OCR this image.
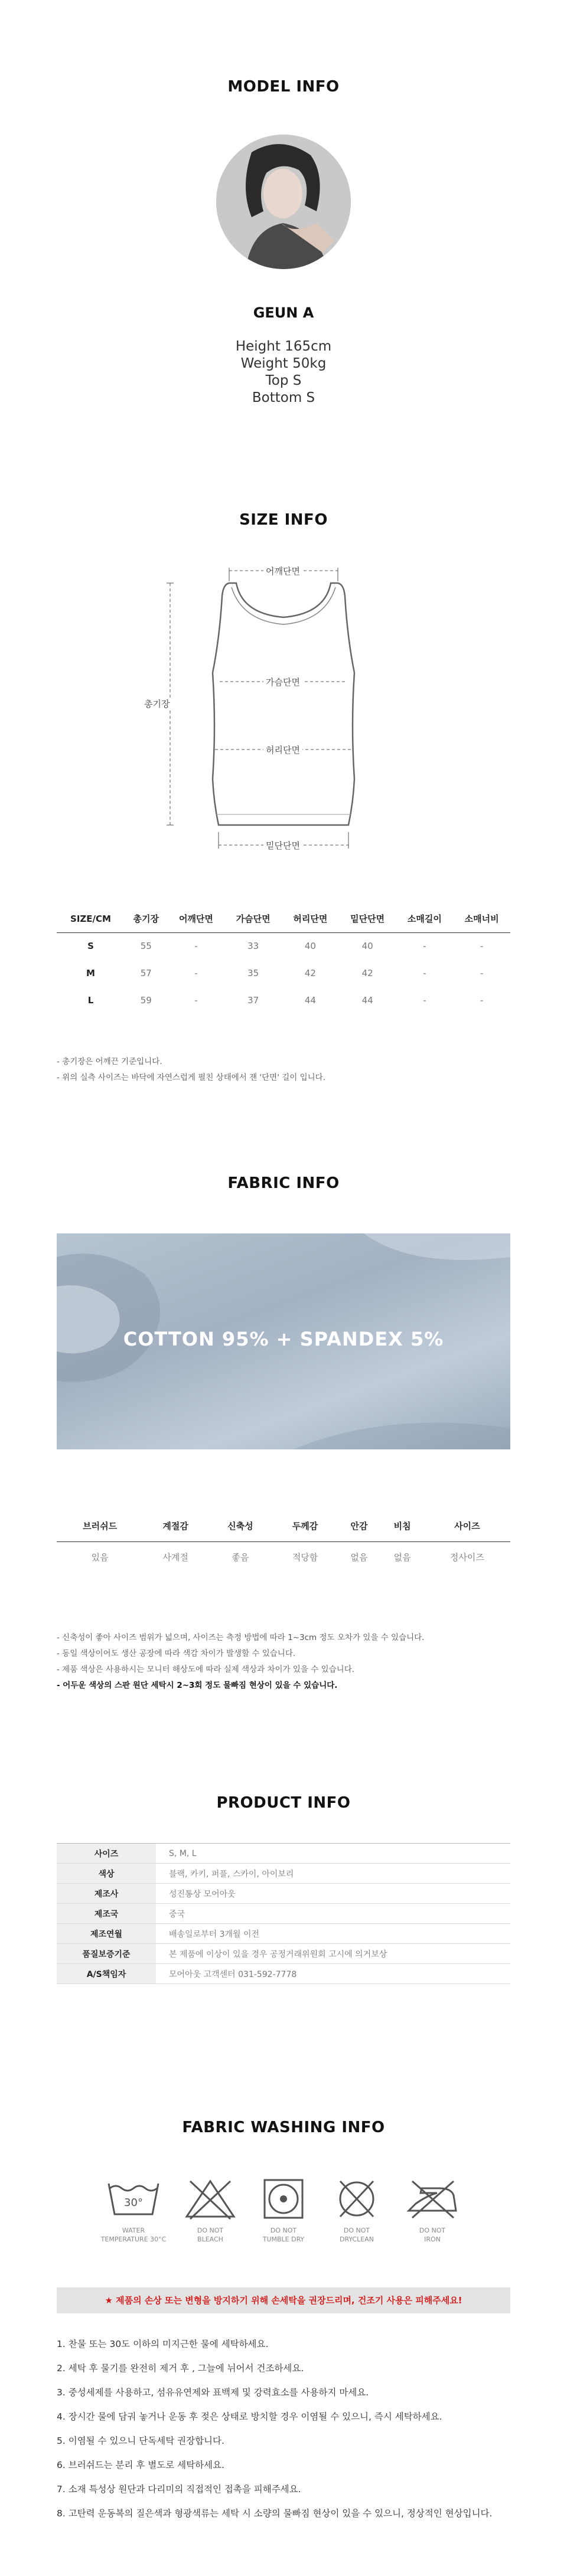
MODEL INFO
GEUN A
Height 165cm
Weight 50kg
Top S
Bottom S
SIZE INFO
어깨단면
가슴단면
허리단면
밑단단면
총기장
SIZE/CM	총기장	어깨단면	가슴단면	허리단면	밑단단면	소매길이	소매너비
S	55	-	33	40	40	-	-
M	57	-	35	42	42	-	-
L	59	-	37	44	44	-	-
- 총기장은 어깨끈 기준입니다.
- 위의 실측 사이즈는 바닥에 자연스럽게 펼친 상태에서 잰 '단면' 길이 입니다.
FABRIC INFO
COTTON 95% + SPANDEX 5%
브러쉬드	계절감	신축성	두께감	안감	비침	사이즈
있음	사계절	좋음	적당함	없음	없음	정사이즈
- 신축성이 좋아 사이즈 범위가 넓으며, 사이즈는 측정 방법에 따라 1~3cm 정도 오차가 있을 수 있습니다.
- 동일 색상이어도 생산 공장에 따라 색감 차이가 발생할 수 있습니다.
- 제품 색상은 사용하시는 모니터 해상도에 따라 실제 색상과 차이가 있을 수 있습니다.
- 어두운 색상의 스판 원단 세탁시 2~3회 정도 물빠짐 현상이 있을 수 있습니다.
PRODUCT INFO
사이즈	S, M, L
색상	블랙, 카키, 퍼플, 스카이, 아이보리
제조사	성진통상 모어아웃
제조국	중국
제조연월	배송일로부터 3개월 이전
품질보증기준	본 제품에 이상이 있을 경우 공정거래위원회 고시에 의거보상
A/S책임자	모어아웃 고객센터 031-592-7778
FABRIC WASHING INFO
30°
WATER
TEMPERATURE 30°C
DO NOT
BLEACH
DO NOT
TUMBLE DRY
DO NOT
DRYCLEAN
DO NOT
IRON
★ 제품의 손상 또는 변형을 방지하기 위해 손세탁을 권장드리며, 건조기 사용은 피해주세요!
1. 찬물 또는 30도 이하의 미지근한 물에 세탁하세요.
2. 세탁 후 물기를 완전히 제거 후 , 그늘에 뉘어서 건조하세요.
3. 중성세제를 사용하고, 섬유유연제와 표백제 및 강력효소를 사용하지 마세요.
4. 장시간 물에 담궈 놓거나 운동 후 젖은 상태로 방치할 경우 이염될 수 있으니, 즉시 세탁하세요.
5. 이염될 수 있으니 단독세탁 권장합니다.
6. 브러쉬드는 분리 후 별도로 세탁하세요.
7. 소재 특성상 원단과 다리미의 직접적인 접촉을 피해주세요.
8. 고탄력 운동복의 질은색과 형광색류는 세탁 시 소량의 물빠짐 현상이 있을 수 있으니, 정상적인 현상입니다.
